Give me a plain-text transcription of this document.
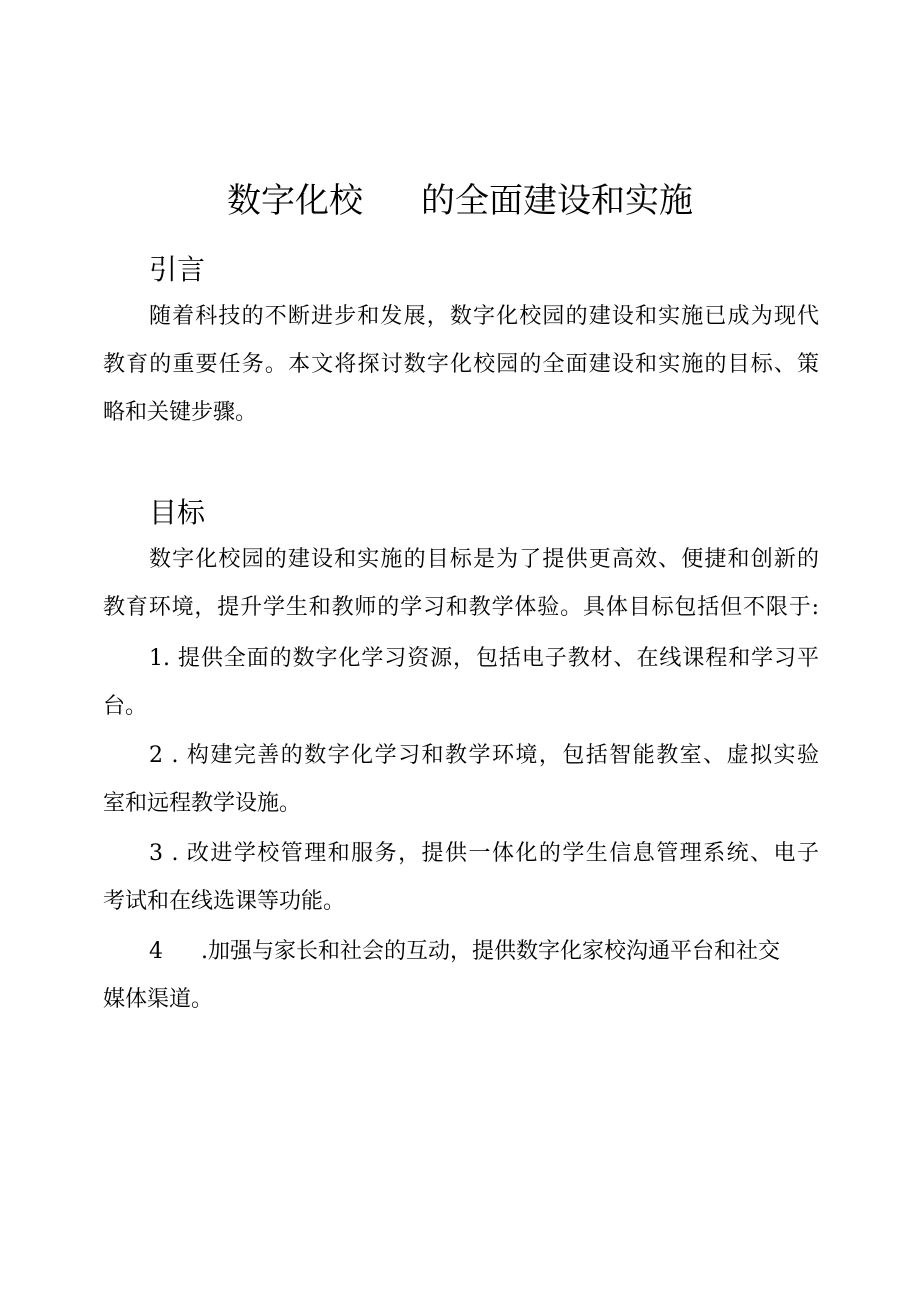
数字化校 的全面建设和实施
引言
随着科技的不断进步和发展，数字化校园的建设和实施已成为现代
教育的重要任务。本文将探讨数字化校园的全面建设和实施的目标、策
略和关键步骤。
目标
数字化校园的建设和实施的目标是为了提供更高效、便捷和创新的
教育环境，提升学生和教师的学习和教学体验。具体目标包括但不限于:
1. 提供全面的数字化学习资源，包括电子教材、在线课程和学习平
台。
2 . 构建完善的数字化学习和教学环境，包括智能教室、虚拟实验
室和远程教学设施。
3 . 改进学校管理和服务，提供一体化的学生信息管理系统、电子
考试和在线选课等功能。
4 .加强与家长和社会的互动，提供数字化家校沟通平台和社交
媒体渠道。
